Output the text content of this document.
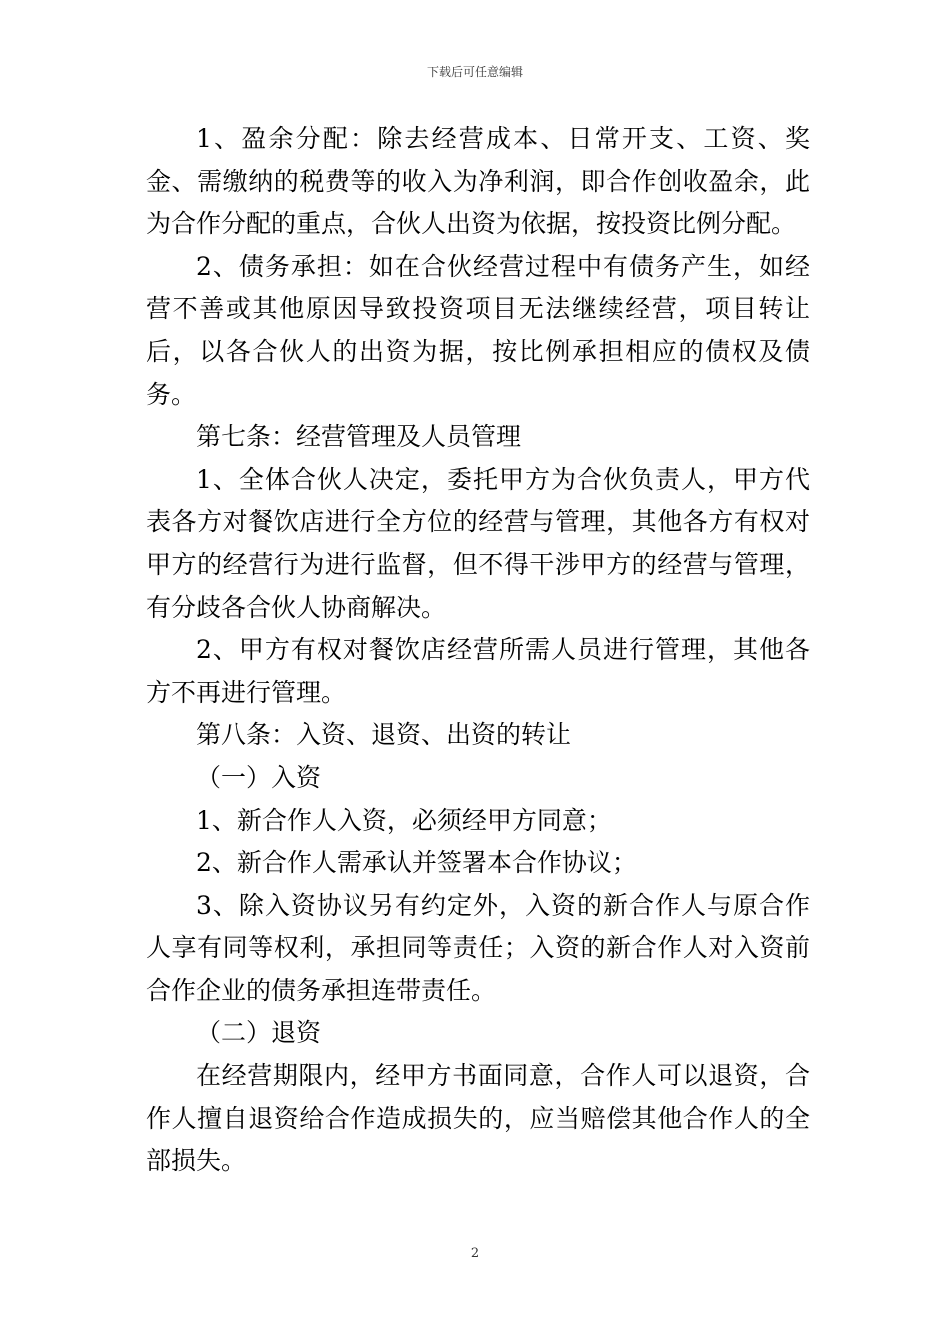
下载后可任意编辑

1、盈余分配：除去经营成本、日常开支、工资、奖金、需缴纳的税费等的收入为净利润，即合作创收盈余，此为合作分配的重点，合伙人出资为依据，按投资比例分配。

2、债务承担：如在合伙经营过程中有债务产生，如经营不善或其他原因导致投资项目无法继续经营，项目转让后，以各合伙人的出资为据，按比例承担相应的债权及债务。

第七条：经营管理及人员管理

1、全体合伙人决定，委托甲方为合伙负责人，甲方代表各方对餐饮店进行全方位的经营与管理，其他各方有权对甲方的经营行为进行监督，但不得干涉甲方的经营与管理，有分歧各合伙人协商解决。

2、甲方有权对餐饮店经营所需人员进行管理，其他各方不再进行管理。

第八条：入资、退资、出资的转让

（一）入资

1、新合作人入资，必须经甲方同意；

2、新合作人需承认并签署本合作协议；

3、除入资协议另有约定外，入资的新合作人与原合作人享有同等权利，承担同等责任；入资的新合作人对入资前合作企业的债务承担连带责任。

（二）退资

在经营期限内，经甲方书面同意，合作人可以退资，合作人擅自退资给合作造成损失的，应当赔偿其他合作人的全部损失。

2
